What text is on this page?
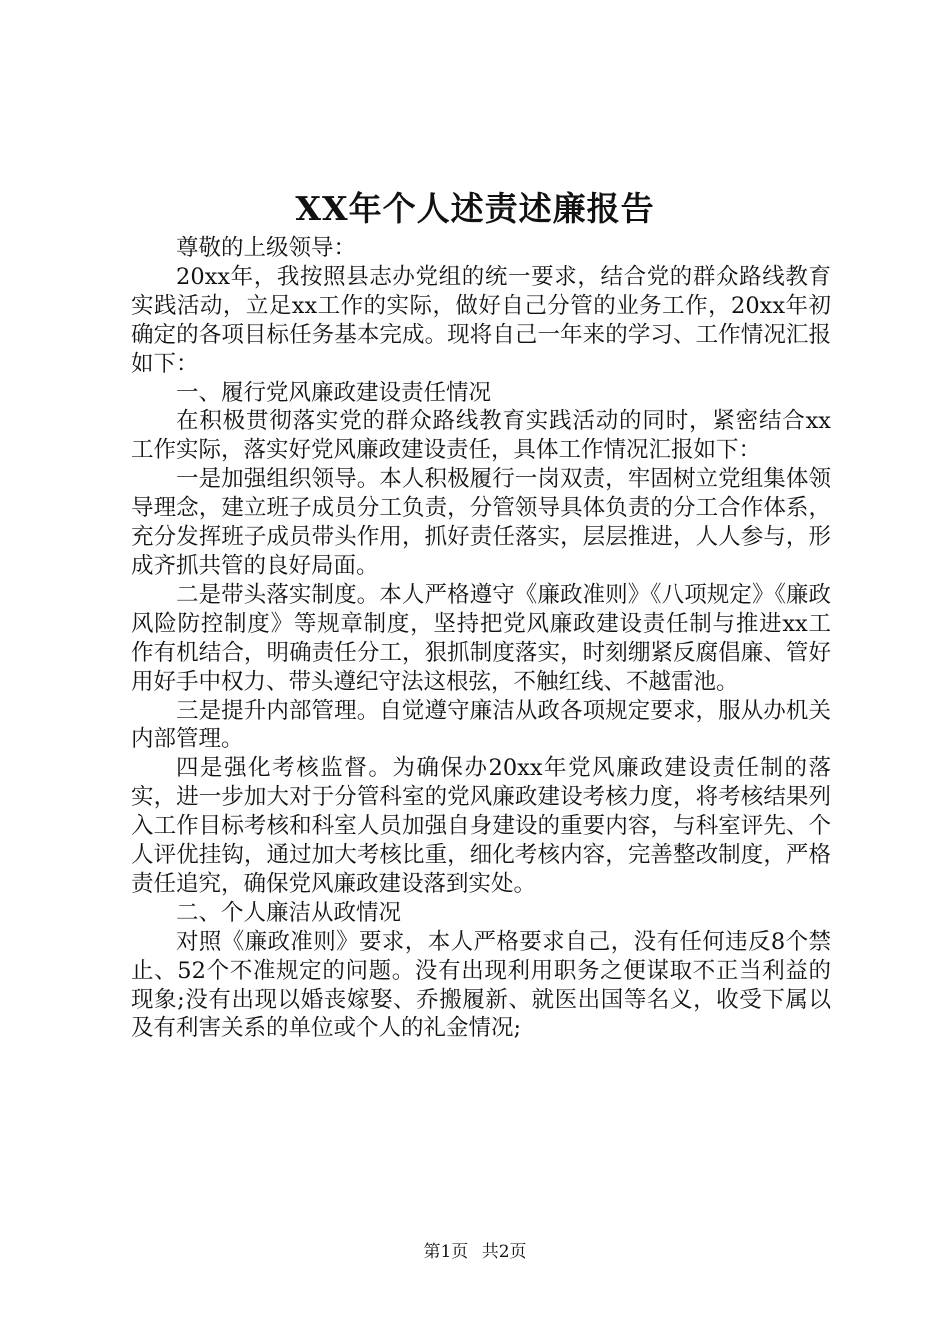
XX年个人述责述廉报告

尊敬的上级领导：

20xx年，我按照县志办党组的统一要求，结合党的群众路线教育实践活动，立足xx工作的实际，做好自己分管的业务工作，20xx年初确定的各项目标任务基本完成。现将自己一年来的学习、工作情况汇报如下：

一、履行党风廉政建设责任情况

在积极贯彻落实党的群众路线教育实践活动的同时，紧密结合xx工作实际，落实好党风廉政建设责任，具体工作情况汇报如下：

一是加强组织领导。本人积极履行一岗双责，牢固树立党组集体领导理念，建立班子成员分工负责，分管领导具体负责的分工合作体系，充分发挥班子成员带头作用，抓好责任落实，层层推进，人人参与，形成齐抓共管的良好局面。

二是带头落实制度。本人严格遵守《廉政准则》《八项规定》《廉政风险防控制度》等规章制度，坚持把党风廉政建设责任制与推进xx工作有机结合，明确责任分工，狠抓制度落实，时刻绷紧反腐倡廉、管好用好手中权力、带头遵纪守法这根弦，不触红线、不越雷池。

三是提升内部管理。自觉遵守廉洁从政各项规定要求，服从办机关内部管理。

四是强化考核监督。为确保办20xx年党风廉政建设责任制的落实，进一步加大对于分管科室的党风廉政建设考核力度，将考核结果列入工作目标考核和科室人员加强自身建设的重要内容，与科室评先、个人评优挂钩，通过加大考核比重，细化考核内容，完善整改制度，严格责任追究，确保党风廉政建设落到实处。

二、个人廉洁从政情况

对照《廉政准则》要求，本人严格要求自己，没有任何违反8个禁止、52个不准规定的问题。没有出现利用职务之便谋取不正当利益的现象;没有出现以婚丧嫁娶、乔搬履新、就医出国等名义，收受下属以及有利害关系的单位或个人的礼金情况;

第1页 共2页
